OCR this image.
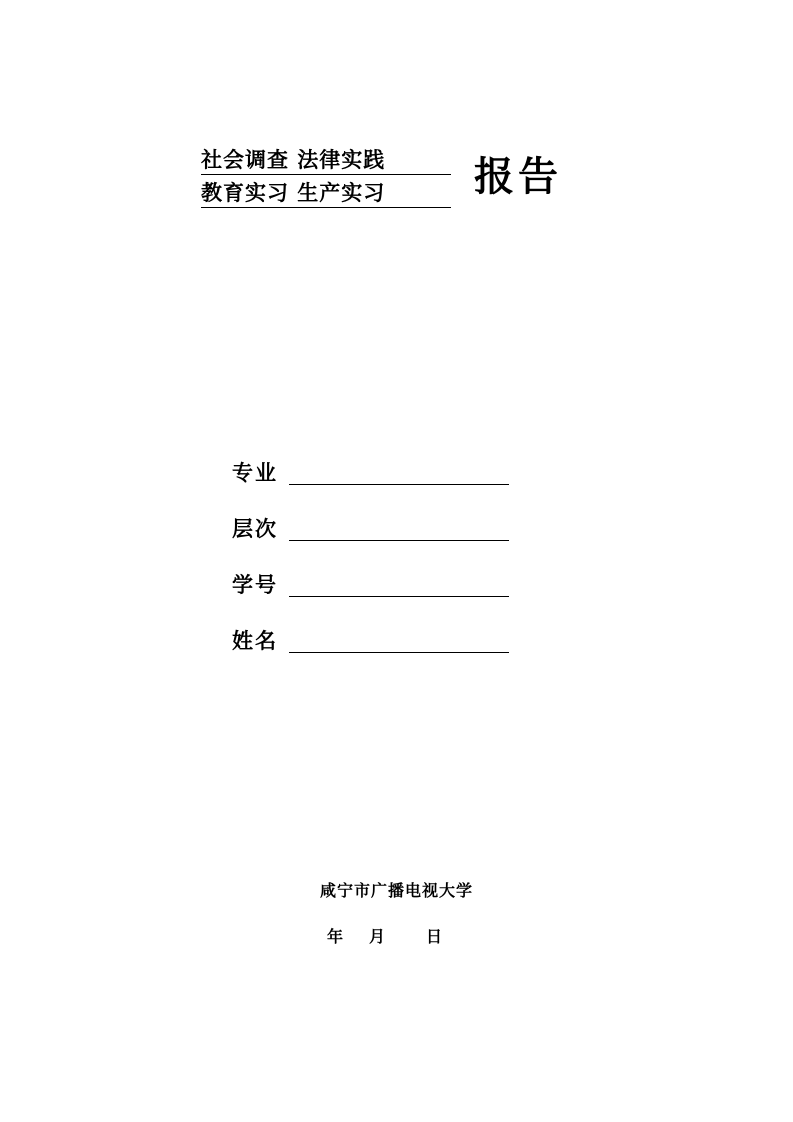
社会调查 法律实践
教育实习 生产实习	报告
专业
层次
学号
姓名
咸宁市广播电视大学
年 月	日
